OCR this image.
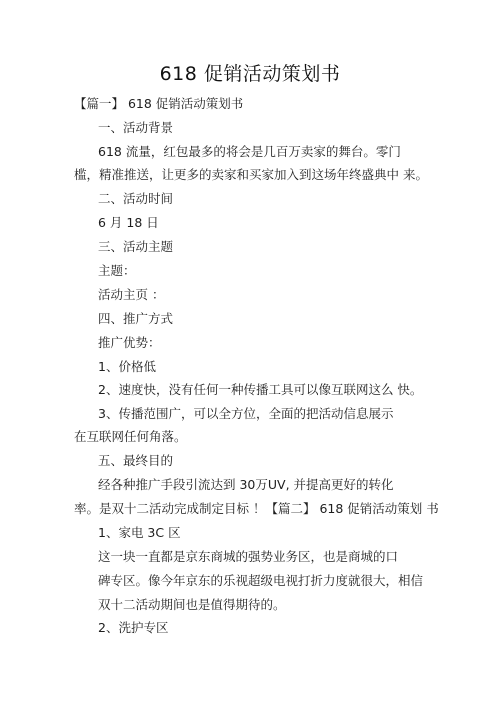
618 促销活动策划书
【篇一】 618 促销活动策划书
一、活动背景
618 流量，红包最多的将会是几百万卖家的舞台。零门
槛，精准推送，让更多的卖家和买家加入到这场年终盛典中 来。
二、活动时间
6 月 18 日
三、活动主题
主题：
活动主页 ：
四、推广方式
推广优势：
1、价格低
2、速度快，没有任何一种传播工具可以像互联网这么 快。
3、传播范围广，可以全方位，全面的把活动信息展示
在互联网任何角落。
五、最终目的
经各种推广手段引流达到 30万UV, 并提高更好的转化
率。是双十二活动完成制定目标 ！【篇二】 618 促销活动策划 书
1、家电 3C 区
这一块一直都是京东商城的强势业务区，也是商城的口
碑专区。像今年京东的乐视超级电视打折力度就很大，相信
双十二活动期间也是值得期待的。
2、洗护专区
